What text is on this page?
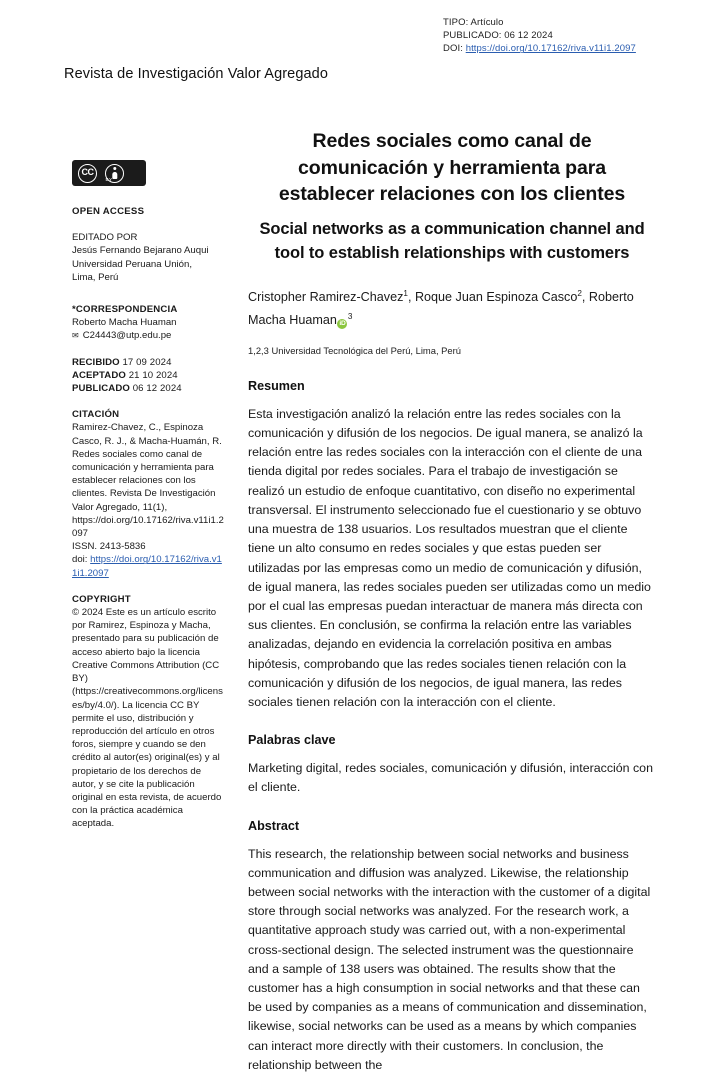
TIPO: Artículo
PUBLICADO: 06 12 2024
DOI: https://doi.org/10.17162/riva.v11i1.2097
Revista de Investigación Valor Agregado
CC
BY
OPEN ACCESS
EDITADO POR
Jesús Fernando Bejarano Auqui
Universidad Peruana Unión,
Lima, Perú
*CORRESPONDENCIA
Roberto Macha Huaman
✉ C24443@utp.edu.pe
RECIBIDO 17 09 2024
ACEPTADO 21 10 2024
PUBLICADO 06 12 2024
CITACIÓN
Ramirez-Chavez, C., Espinoza Casco, R. J., & Macha-Huamán, R. Redes sociales como canal de comunicación y herramienta para establecer relaciones con los clientes. Revista De Investigación Valor Agregado, 11(1), https://doi.org/10.17162/riva.v11i1.2097
ISSN. 2413-5836
doi: https://doi.org/10.17162/riva.v11i1.2097
COPYRIGHT
© 2024 Este es un artículo escrito por Ramirez, Espinoza y Macha, presentado para su publicación de acceso abierto bajo la licencia Creative Commons Attribution (CC BY) (https://creativecommons.org/licenses/by/4.0/). La licencia CC BY permite el uso, distribución y reproducción del artículo en otros foros, siempre y cuando se den crédito al autor(es) original(es) y al propietario de los derechos de autor, y se cite la publicación original en esta revista, de acuerdo con la práctica académica aceptada.
Redes sociales como canal de comunicación y herramienta para establecer relaciones con los clientes
Social networks as a communication channel and tool to establish relationships with customers
Cristopher Ramirez-Chavez$^1$, Roque Juan Espinoza Casco$^2$, Roberto Macha Huaman $iD^3$
1,2,3 Universidad Tecnológica del Perú, Lima, Perú
Resumen
Esta investigación analizó la relación entre las redes sociales con la comunicación y difusión de los negocios. De igual manera, se analizó la relación entre las redes sociales con la interacción con el cliente de una tienda digital por redes sociales. Para el trabajo de investigación se realizó un estudio de enfoque cuantitativo, con diseño no experimental transversal. El instrumento seleccionado fue el cuestionario y se obtuvo una muestra de 138 usuarios. Los resultados muestran que el cliente tiene un alto consumo en redes sociales y que estas pueden ser utilizadas por las empresas como un medio de comunicación y difusión, de igual manera, las redes sociales pueden ser utilizadas como un medio por el cual las empresas puedan interactuar de manera más directa con sus clientes. En conclusión, se confirma la relación entre las variables analizadas, dejando en evidencia la correlación positiva en ambas hipótesis, comprobando que las redes sociales tienen relación con la comunicación y difusión de los negocios, de igual manera, las redes sociales tienen relación con la interacción con el cliente.
Palabras clave
Marketing digital, redes sociales, comunicación y difusión, interacción con el cliente.
Abstract
This research, the relationship between social networks and business communication and diffusion was analyzed. Likewise, the relationship between social networks with the interaction with the customer of a digital store through social networks was analyzed. For the research work, a quantitative approach study was carried out, with a non-experimental cross-sectional design. The selected instrument was the questionnaire and a sample of 138 users was obtained. The results show that the customer has a high consumption in social networks and that these can be used by companies as a means of communication and dissemination, likewise, social networks can be used as a means by which companies can interact more directly with their customers. In conclusion, the relationship between the
